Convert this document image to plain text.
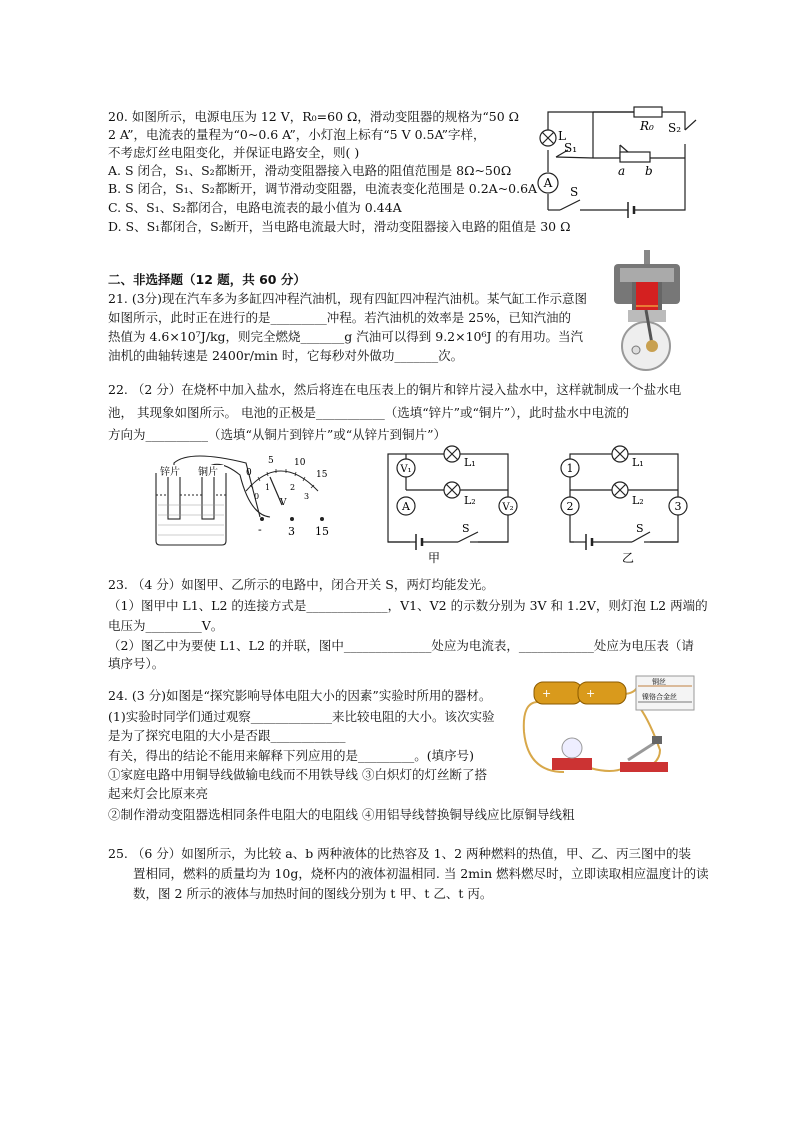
20. 如图所示，电源电压为 12 V，R₀=60 Ω，滑动变阻器的规格为“50 Ω
2 A”，电流表的量程为“0~0.6 A”，小灯泡上标有“5 V 0.5A”字样，
不考虑灯丝电阻变化，并保证电路安全，则( )
A. S 闭合，S₁、S₂都断开，滑动变阻器接入电路的阻值范围是 8Ω~50Ω
B. S 闭合，S₁、S₂都断开，调节滑动变阻器，电流表变化范围是 0.2A~0.6A
C. S、S₁、S₂都闭合，电路电流表的最小值为 0.44A
D. S、S₁都闭合，S₂断开，当电路电流最大时，滑动变阻器接入电路的阻值是 30 Ω
A
L
R₀ S₂
S₁
a b
S
二、非选择题（12 题，共 60 分）
21. (3分)现在汽车多为多缸四冲程汽油机，现有四缸四冲程汽油机。某气缸工作示意图
如图所示，此时正在进行的是_________冲程。若汽油机的效率是 25%，已知汽油的
热值为 4.6×10⁷J/kg，则完全燃烧_______g 汽油可以得到 9.2×10⁶J 的有用功。当汽
油机的曲轴转速是 2400r/min 时，它每秒对外做功_______次。
22. （2 分）在烧杯中加入盐水，然后将连在电压表上的铜片和锌片浸入盐水中，这样就制成一个盐水电
池， 其现象如图所示。 电池的正极是___________（选填“锌片”或“铜片”），此时盐水中电流的
方向为__________（选填“从铜片到锌片”或“从锌片到铜片”）
锌片 铜片	0
5 10
15
0
1 2
3
V
- 3 15
V₁
L₁
L₂
A	V₂
S
甲
1	L₁
L₂
2	3
S
乙
23. （4 分）如图甲、乙所示的电路中，闭合开关 S，两灯均能发光。
（1）图甲中 L1、L2 的连接方式是_____________，V1、V2 的示数分别为 3V 和 1.2V，则灯泡 L2 两端的
电压为_________V。
（2）图乙中为要使 L1、L2 的并联，图中______________处应为电流表，____________处应为电压表（请
填序号）。
24. (3 分)如图是“探究影响导体电阻大小的因素”实验时所用的器材。
(1)实验时同学们通过观察_____________来比较电阻的大小。该次实验
是为了探究电阻的大小是否跟____________
有关，得出的结论不能用来解释下列应用的是_________。(填序号)
①家庭电路中用铜导线做输电线而不用铁导线 ③白炽灯的灯丝断了搭
起来灯会比原来亮
②制作滑动变阻器选相同条件电阻大的电阻线 ④用铝导线替换铜导线应比原铜导线粗
+	+
铜丝
镍铬合金丝
25. （6 分）如图所示，为比较 a、b 两种液体的比热容及 1、2 两种燃料的热值，甲、乙、丙三图中的装
置相同，燃料的质量均为 10g，烧杯内的液体初温相同. 当 2min 燃料燃尽时，立即读取相应温度计的读
数，图 2 所示的液体与加热时间的图线分别为 t 甲、t 乙、t 丙。
